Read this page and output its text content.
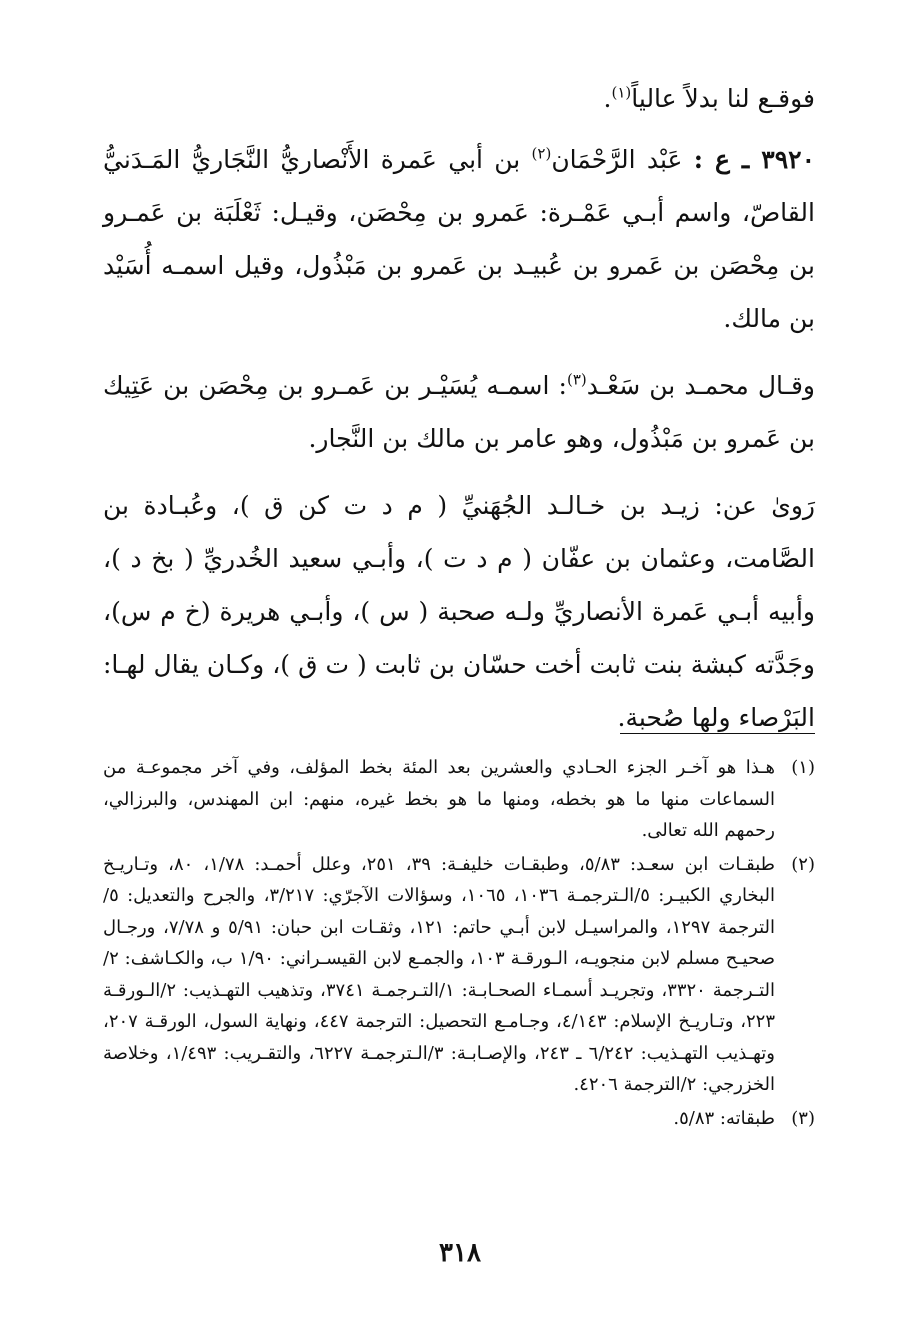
فوقـع لنا بدلاً عالياً$^{(١)}$.

٣٩٢٠ ـ ع : عَبْد الرَّحْمَان$^{(٢)}$ بن أبي عَمرة الأَنْصاريُّ النَّجَاريُّ المَـدَنيُّ القاصّ، واسم أبـي عَمْـرة: عَمرو بن مِحْصَن، وقيـل: ثَعْلَبَة بن عَمـرو بن مِحْصَن بن عَمرو بن عُبيـد بن عَمرو بن مَبْذُول، وقيل اسمـه أُسَيْد بن مالك.

وقـال محمـد بن سَعْـد$^{(٣)}$: اسمـه يُسَيْـر بن عَمـرو بن مِحْصَن بن عَتِيك بن عَمرو بن مَبْذُول، وهو عامر بن مالك بن النَّجار.

رَوىٰ عن: زيـد بن خـالـد الجُهَنيِّ ( م د ت كن ق )، وعُبـادة بن الصَّامت، وعثمان بن عفّان ( م د ت )، وأبـي سعيد الخُدريِّ ( بخ د )، وأبيه أبـي عَمرة الأنصاريِّ ولـه صحبة ( س )، وأبـي هريرة (خ م س)، وجَدَّته كبشة بنت ثابت أخت حسّان بن ثابت ( ت ق )، وكـان يقال لهـا: البَرْصاء ولها صُحبة.

(١)
هـذا هو آخـر الجزء الحـادي والعشرين بعد المئة بخط المؤلف، وفي آخر مجموعـة من السماعات منها ما هو بخطه، ومنها ما هو بخط غيره، منهم: ابن المهندس، والبرزالي، رحمهم الله تعالى.
(٢)
طبقـات ابن سعـد: ٥/٨٣، وطبقـات خليفـة: ٣٩، ٢٥١، وعلل أحمـد: ١/٧٨، ٨٠، وتـاريـخ البخاري الكبيـر: ٥/الـترجمـة ١٠٣٦، ١٠٦٥، وسؤالات الآجرّي: ٣/٢١٧، والجرح والتعديل: ٥/الترجمة ١٢٩٧، والمراسيـل لابن أبـي حاتم: ١٢١، وثقـات ابن حبان: ٥/٩١ و ٧/٧٨، ورجـال صحيـح مسلم لابن منجويـه، الـورقـة ١٠٣، والجمـع لابن القيسـراني: ١/٩٠ ب، والكـاشف: ٢/التـرجمة ٣٣٢٠، وتجريـد أسمـاء الصحـابـة: ١/التـرجمـة ٣٧٤١، وتذهيب التهـذيب: ٢/الـورقـة ٢٢٣، وتـاريـخ الإسلام: ٤/١٤٣، وجـامـع التحصيل: الترجمة ٤٤٧، ونهاية السول، الورقـة ٢٠٧، وتهـذيب التهـذيب: ٦/٢٤٢ ـ ٢٤٣، والإصـابـة: ٣/الـترجمـة ٦٢٢٧، والتقـريب: ١/٤٩٣، وخلاصة الخزرجي: ٢/الترجمة ٤٢٠٦.
(٣)
طبقاته: ٥/٨٣.
٣١٨
